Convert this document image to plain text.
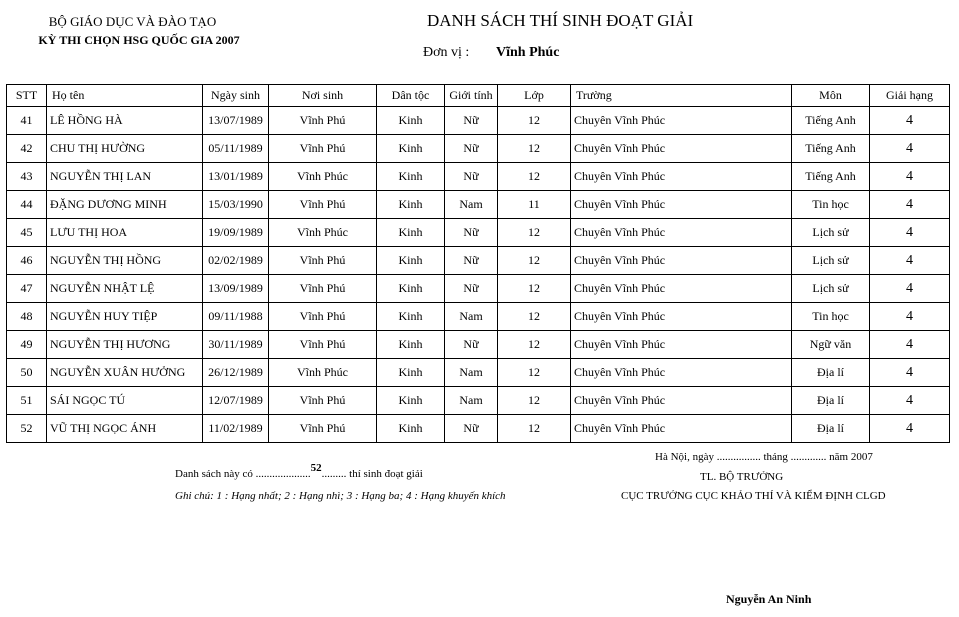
BỘ GIÁO DỤC VÀ ĐÀO TẠO
KỲ THI CHỌN HSG QUỐC GIA 2007
DANH SÁCH THÍ SINH ĐOẠT GIẢI
Đơn vị : Vĩnh Phúc
STT	Họ tên	Ngày sinh	Nơi sinh	Dân tộc	Giới tính	Lớp	Trường	Môn	Giải hạng
41	LÊ HỒNG HÀ	13/07/1989	Vĩnh Phú	Kinh	Nữ	12	Chuyên Vĩnh Phúc	Tiếng Anh	4
42	CHU THỊ HƯỜNG	05/11/1989	Vĩnh Phú	Kinh	Nữ	12	Chuyên Vĩnh Phúc	Tiếng Anh	4
43	NGUYỄN THỊ LAN	13/01/1989	Vĩnh Phúc	Kinh	Nữ	12	Chuyên Vĩnh Phúc	Tiếng Anh	4
44	ĐẶNG DƯƠNG MINH	15/03/1990	Vĩnh Phú	Kinh	Nam	11	Chuyên Vĩnh Phúc	Tin học	4
45	LƯU THỊ HOA	19/09/1989	Vĩnh Phúc	Kinh	Nữ	12	Chuyên Vĩnh Phúc	Lịch sử	4
46	NGUYỄN THỊ HỒNG	02/02/1989	Vĩnh Phú	Kinh	Nữ	12	Chuyên Vĩnh Phúc	Lịch sử	4
47	NGUYỄN NHẬT LỆ	13/09/1989	Vĩnh Phú	Kinh	Nữ	12	Chuyên Vĩnh Phúc	Lịch sử	4
48	NGUYỄN HUY TIỆP	09/11/1988	Vĩnh Phú	Kinh	Nam	12	Chuyên Vĩnh Phúc	Tin học	4
49	NGUYỄN THỊ HƯƠNG	30/11/1989	Vĩnh Phú	Kinh	Nữ	12	Chuyên Vĩnh Phúc	Ngữ văn	4
50	NGUYỄN XUÂN HƯỞNG	26/12/1989	Vĩnh Phúc	Kinh	Nam	12	Chuyên Vĩnh Phúc	Địa lí	4
51	SÁI NGỌC TÚ	12/07/1989	Vĩnh Phú	Kinh	Nam	12	Chuyên Vĩnh Phúc	Địa lí	4
52	VŨ THỊ NGỌC ÁNH	11/02/1989	Vĩnh Phú	Kinh	Nữ	12	Chuyên Vĩnh Phúc	Địa lí	4
Danh sách này có ....................52......... thí sinh đoạt giải
Ghi chú: 1 : Hạng nhất; 2 : Hạng nhì; 3 : Hạng ba; 4 : Hạng khuyến khích
Hà Nội, ngày ................ tháng ............. năm 2007
TL. BỘ TRƯỞNG
CỤC TRƯỞNG CỤC KHẢO THÍ VÀ KIỂM ĐỊNH CLGD
Nguyễn An Ninh
